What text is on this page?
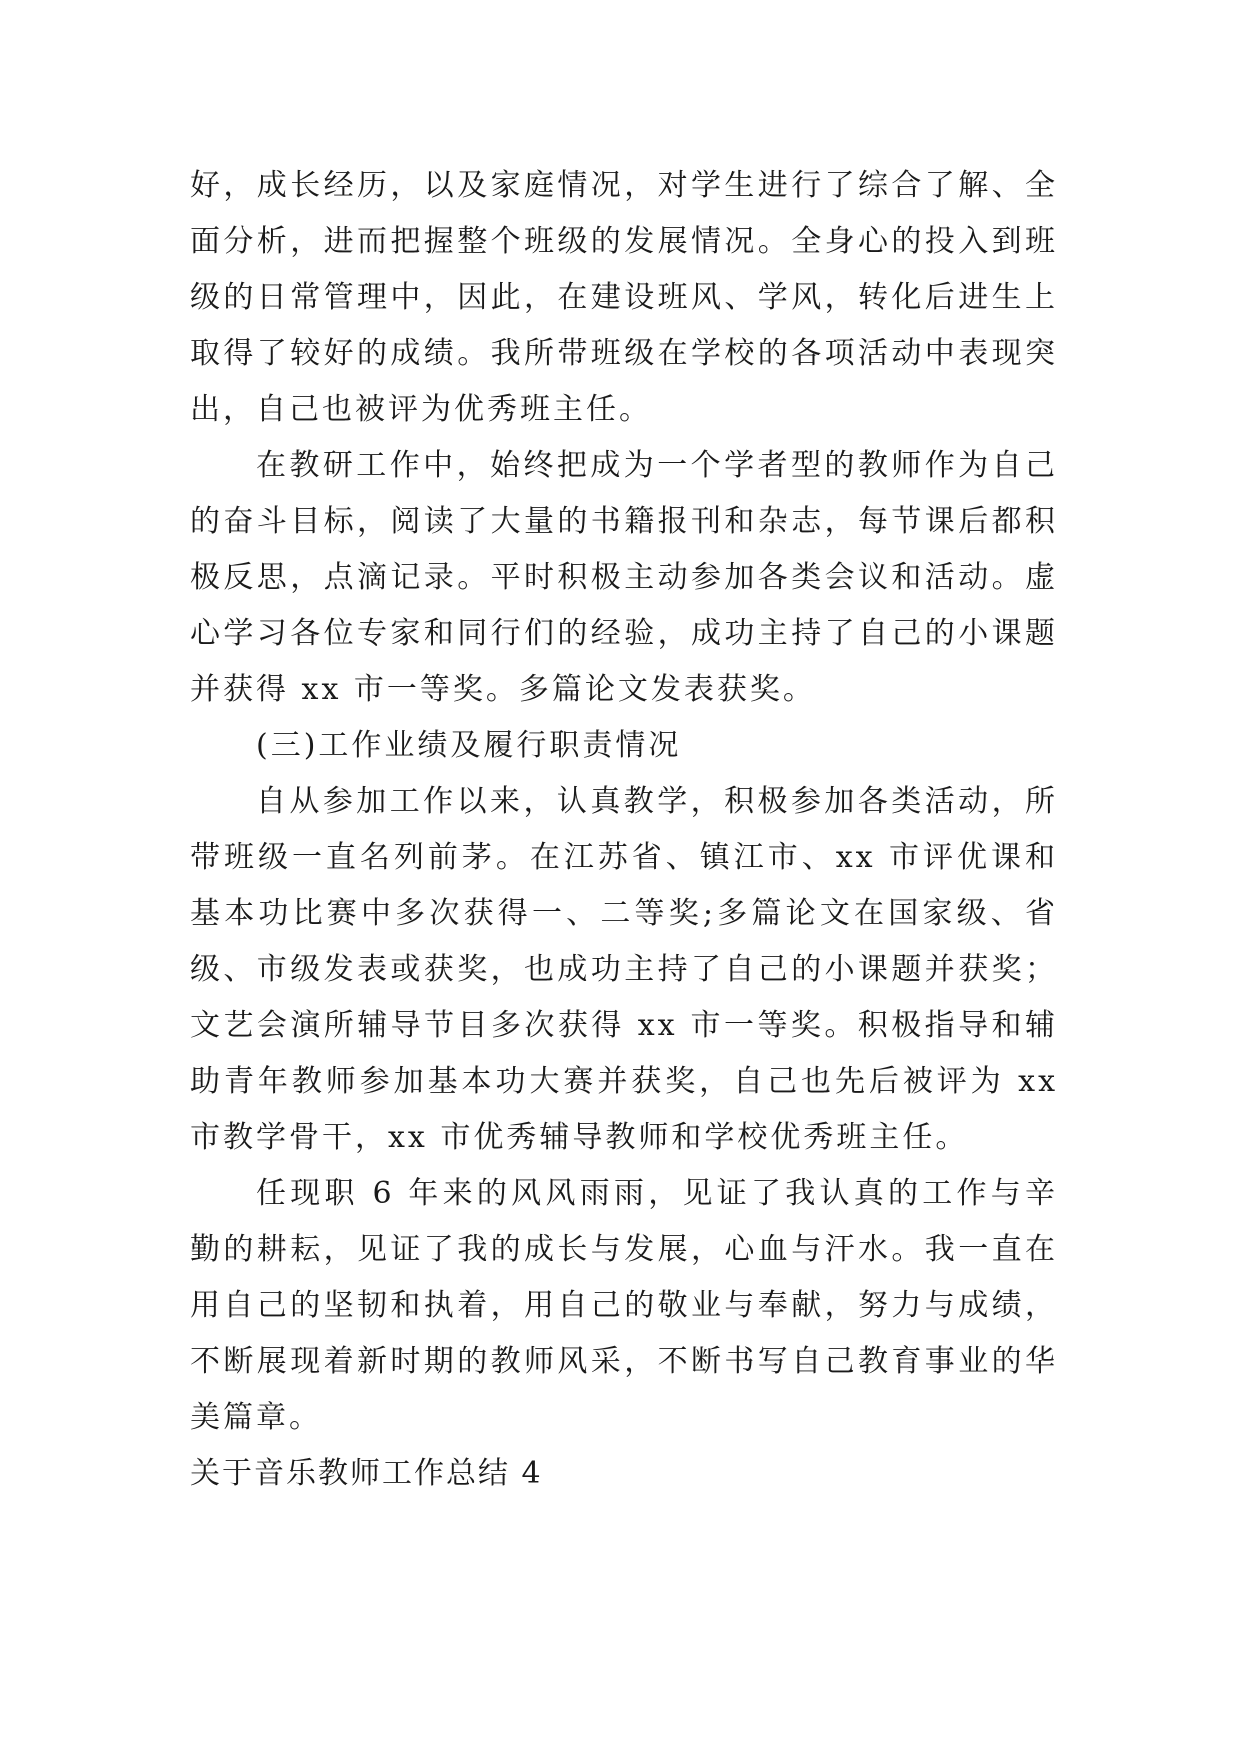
好，成长经历，以及家庭情况，对学生进行了综合了解、全面分析，进而把握整个班级的发展情况。全身心的投入到班级的日常管理中，因此，在建设班风、学风，转化后进生上取得了较好的成绩。我所带班级在学校的各项活动中表现突出，自己也被评为优秀班主任。

在教研工作中，始终把成为一个学者型的教师作为自己的奋斗目标，阅读了大量的书籍报刊和杂志，每节课后都积极反思，点滴记录。平时积极主动参加各类会议和活动。虚心学习各位专家和同行们的经验，成功主持了自己的小课题并获得 xx 市一等奖。多篇论文发表获奖。

(三)工作业绩及履行职责情况

自从参加工作以来，认真教学，积极参加各类活动，所带班级一直名列前茅。在江苏省、镇江市、xx 市评优课和基本功比赛中多次获得一、二等奖;多篇论文在国家级、省级、市级发表或获奖，也成功主持了自己的小课题并获奖；文艺会演所辅导节目多次获得 xx 市一等奖。积极指导和辅助青年教师参加基本功大赛并获奖，自己也先后被评为 xx 市教学骨干，xx 市优秀辅导教师和学校优秀班主任。

任现职 6 年来的风风雨雨，见证了我认真的工作与辛勤的耕耘，见证了我的成长与发展，心血与汗水。我一直在用自己的坚韧和执着，用自己的敬业与奉献，努力与成绩，不断展现着新时期的教师风采，不断书写自己教育事业的华美篇章。

关于音乐教师工作总结 4
